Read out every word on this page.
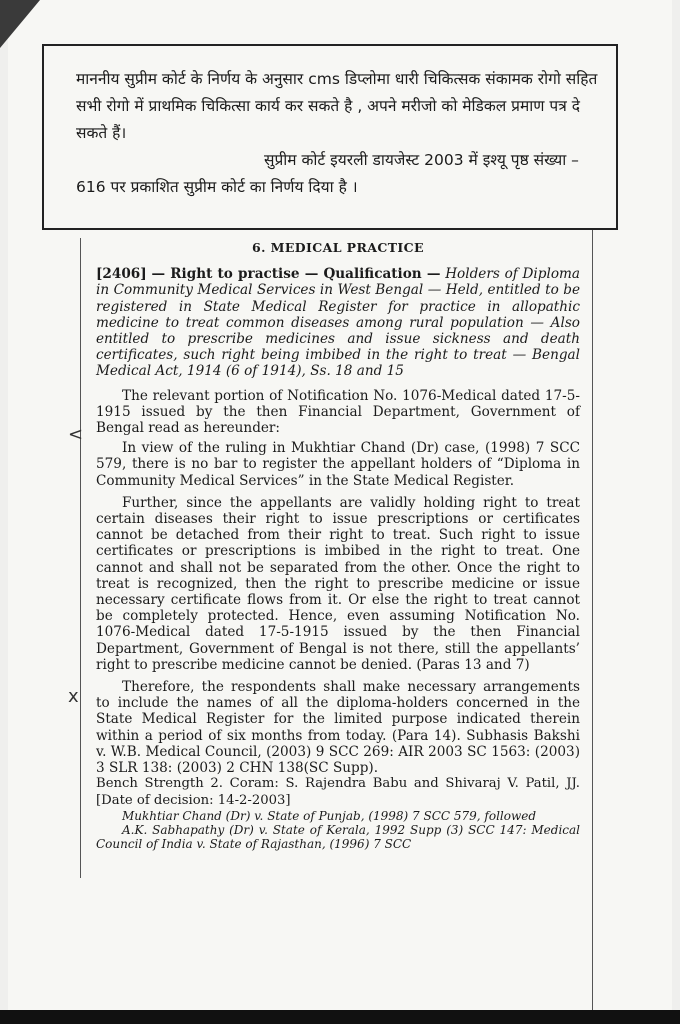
माननीय सुप्रीम कोर्ट के निर्णय के अनुसार cms डिप्लोमा धारी चिकित्सक संकामक रोगो सहित सभी रोगो में प्राथमिक चिकित्सा कार्य कर सकते है , अपने मरीजो को मेडिकल प्रमाण पत्र दे सकते हैं।

सुप्रीम कोर्ट इयरली डायजेस्ट 2003 में इश्यू पृष्ठ संख्या –616 पर प्रकाशित सुप्रीम कोर्ट का निर्णय दिया है ।

<
x
6. MEDICAL PRACTICE

[2406] — Right to practise — Qualification — Holders of Diploma in Community Medical Services in West Bengal — Held, entitled to be registered in State Medical Register for practice in allopathic medicine to treat common diseases among rural population — Also entitled to prescribe medicines and issue sickness and death certificates, such right being imbibed in the right to treat — Bengal Medical Act, 1914 (6 of 1914), Ss. 18 and 15

The relevant portion of Notification No. 1076-Medical dated 17-5-1915 issued by the then Financial Department, Government of Bengal read as hereunder:

In view of the ruling in Mukhtiar Chand (Dr) case, (1998) 7 SCC 579, there is no bar to register the appellant holders of “Diploma in Community Medical Services” in the State Medical Register.

Further, since the appellants are validly holding right to treat certain diseases their right to issue prescriptions or certificates cannot be detached from their right to treat. Such right to issue certificates or prescriptions is imbibed in the right to treat. One cannot and shall not be separated from the other. Once the right to treat is recognized, then the right to prescribe medicine or issue necessary certificate flows from it. Or else the right to treat cannot be completely protected. Hence, even assuming Notification No. 1076-Medical dated 17-5-1915 issued by the then Financial Department, Government of Bengal is not there, still the appellants’ right to prescribe medicine cannot be denied. (Paras 13 and 7)

Therefore, the respondents shall make necessary arrangements to include the names of all the diploma-holders concerned in the State Medical Register for the limited purpose indicated therein within a period of six months from today. (Para 14). Subhasis Bakshi v. W.B. Medical Council, (2003) 9 SCC 269: AIR 2003 SC 1563: (2003) 3 SLR 138: (2003) 2 CHN 138(SC Supp).

Bench Strength 2. Coram: S. Rajendra Babu and Shivaraj V. Patil, JJ. [Date of decision: 14-2-2003]

Mukhtiar Chand (Dr) v. State of Punjab, (1998) 7 SCC 579, followed

A.K. Sabhapathy (Dr) v. State of Kerala, 1992 Supp (3) SCC 147: Medical Council of India v. State of Rajasthan, (1996) 7 SCC
